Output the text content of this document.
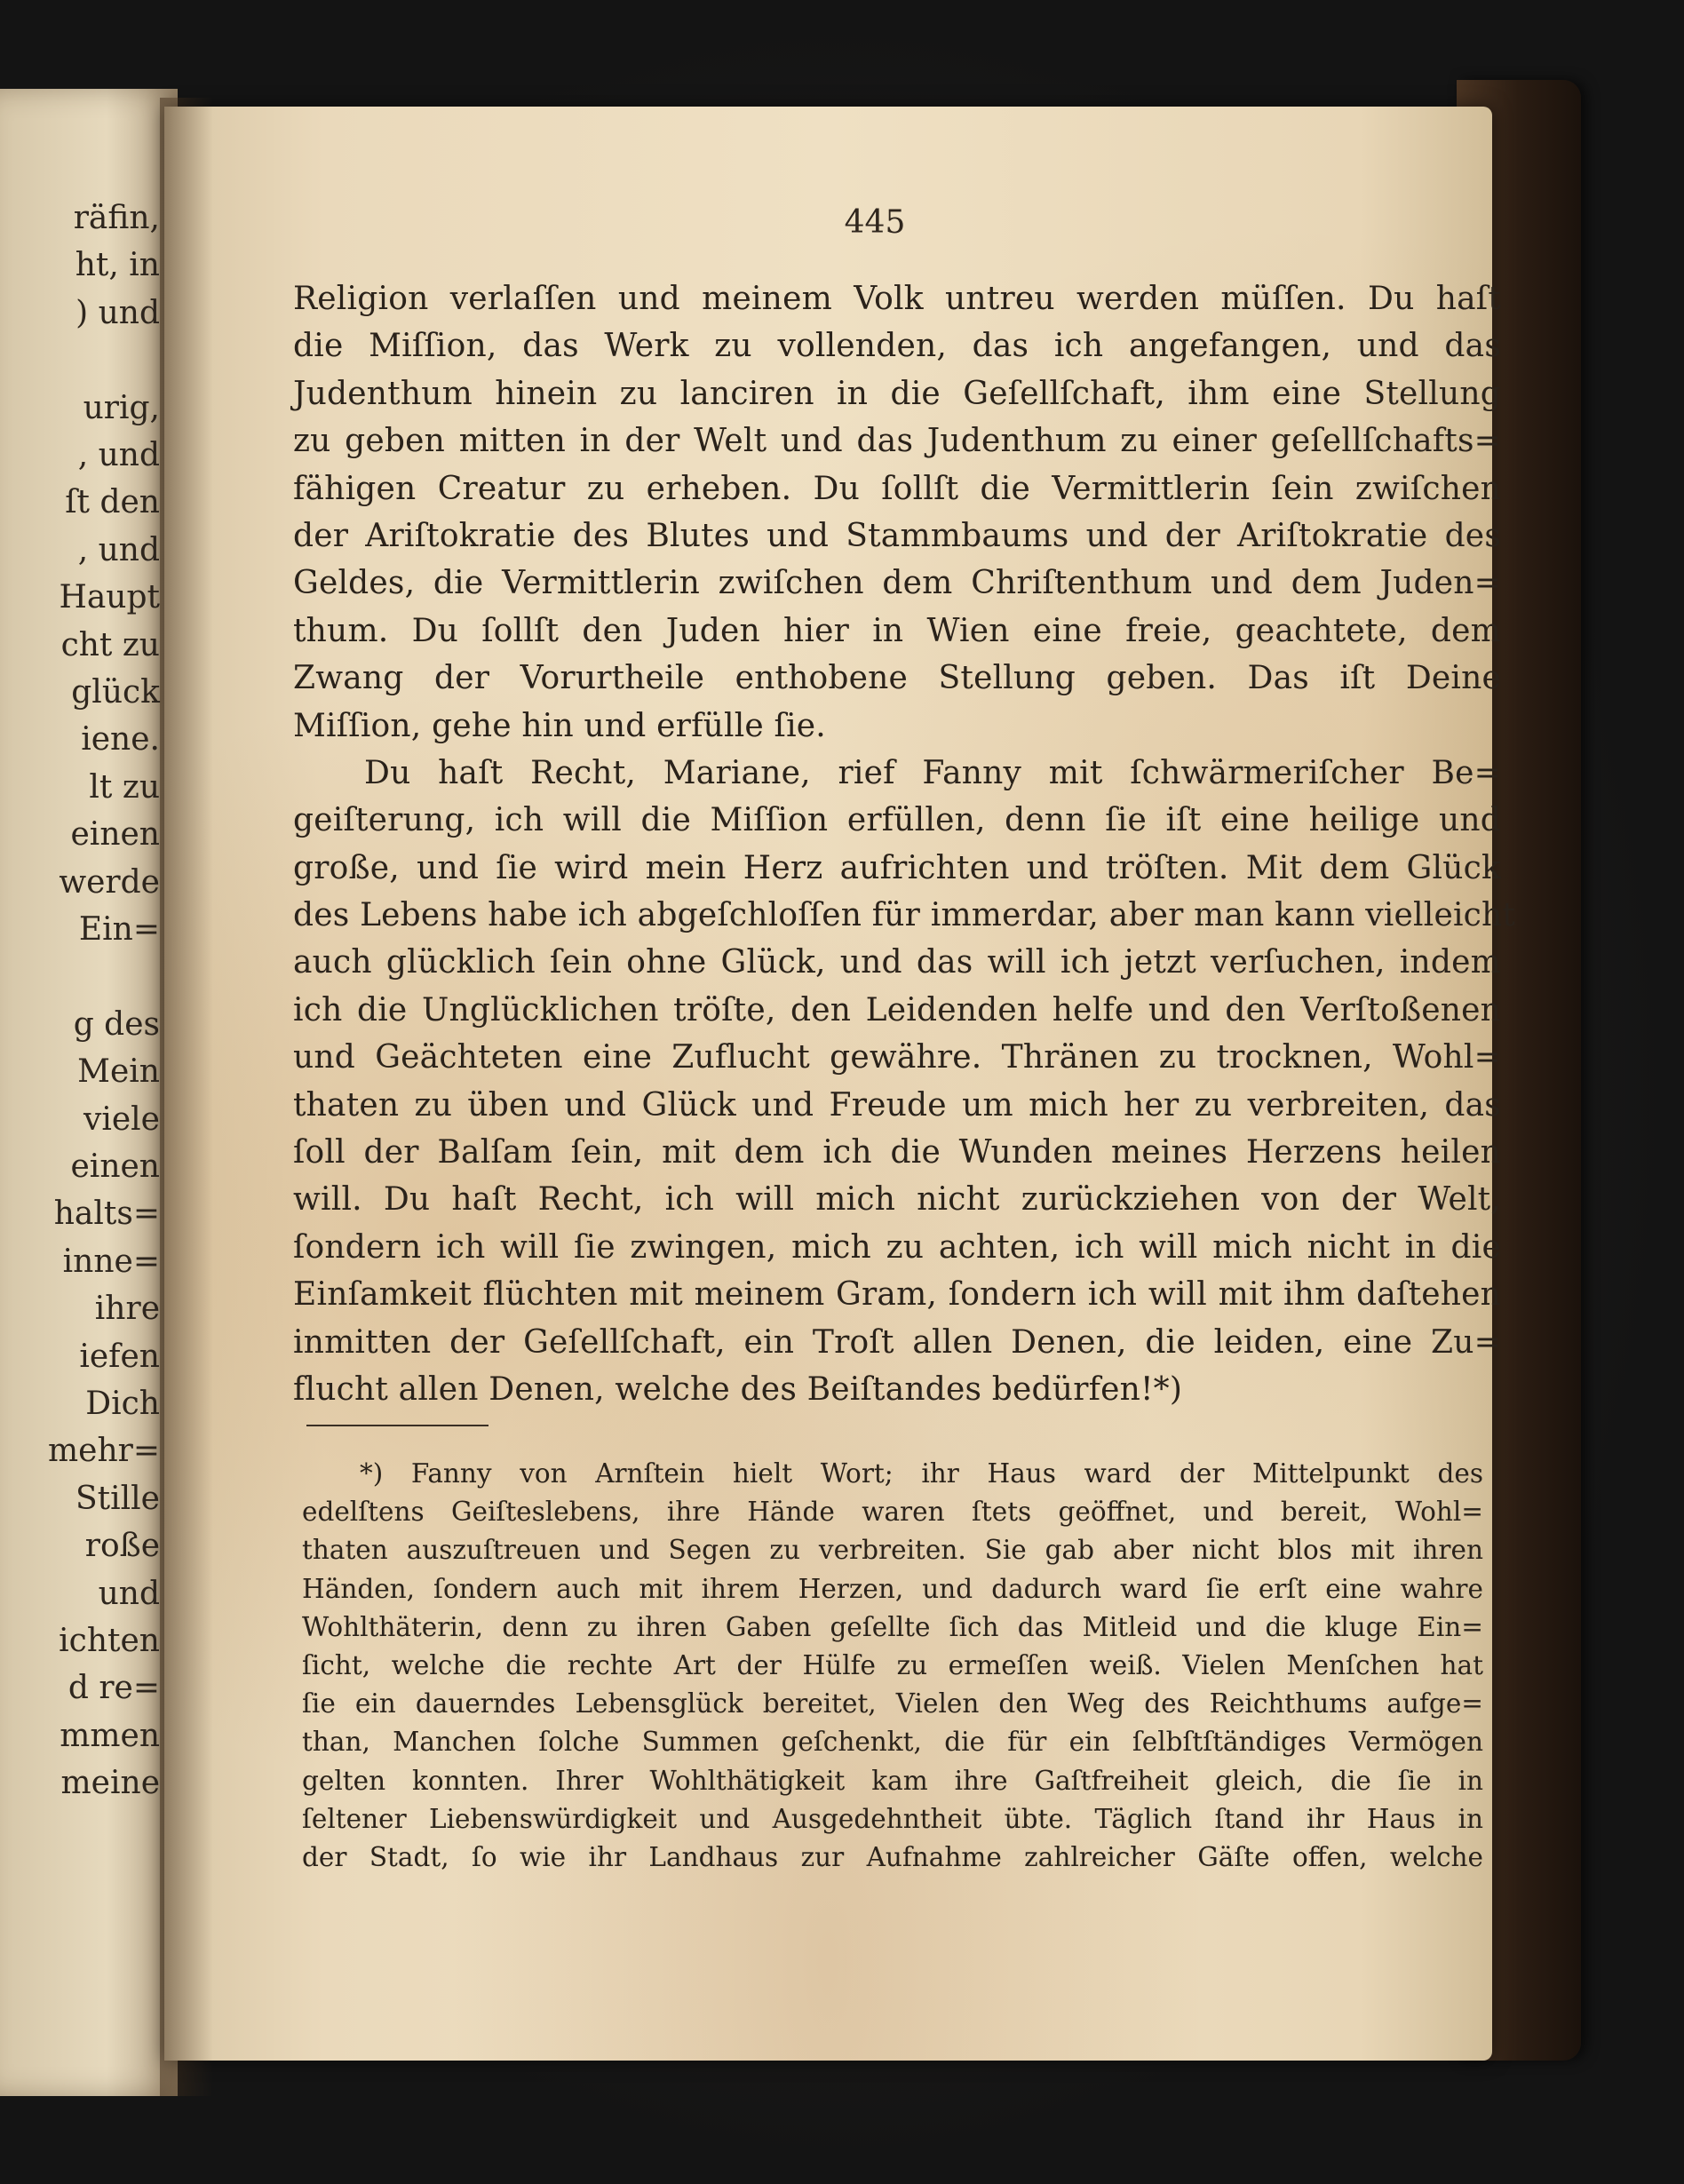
räfin,
ht, in
) und
urig,
, und
ſt den
, und
Haupt
cht zu
glück
iene.
lt zu
einen
werde
Ein=
g des
Mein
viele
einen
halts=
inne=
ihre
iefen
Dich
mehr=
Stille
roße
und
ichten
d re=
mmen
meine
445
Religion verlaſſen und meinem Volk untreu werden müſſen. Du haſt
die Miſſion, das Werk zu vollenden, das ich angefangen, und das
Judenthum hinein zu lanciren in die Geſellſchaft, ihm eine Stellung
zu geben mitten in der Welt und das Judenthum zu einer geſellſchafts=
fähigen Creatur zu erheben. Du ſollſt die Vermittlerin ſein zwiſchen
der Ariſtokratie des Blutes und Stammbaums und der Ariſtokratie des
Geldes, die Vermittlerin zwiſchen dem Chriſtenthum und dem Juden=
thum. Du ſollſt den Juden hier in Wien eine freie, geachtete, dem
Zwang der Vorurtheile enthobene Stellung geben. Das iſt Deine
Miſſion, gehe hin und erfülle ſie.
Du haſt Recht, Mariane, rief Fanny mit ſchwärmeriſcher Be=
geiſterung, ich will die Miſſion erfüllen, denn ſie iſt eine heilige und
große, und ſie wird mein Herz aufrichten und tröſten. Mit dem Glück
des Lebens habe ich abgeſchloſſen für immerdar, aber man kann vielleicht
auch glücklich ſein ohne Glück, und das will ich jetzt verſuchen, indem
ich die Unglücklichen tröſte, den Leidenden helfe und den Verſtoßenen
und Geächteten eine Zuflucht gewähre. Thränen zu trocknen, Wohl=
thaten zu üben und Glück und Freude um mich her zu verbreiten, das
ſoll der Balſam ſein, mit dem ich die Wunden meines Herzens heilen
will. Du haſt Recht, ich will mich nicht zurückziehen von der Welt,
ſondern ich will ſie zwingen, mich zu achten, ich will mich nicht in die
Einſamkeit flüchten mit meinem Gram, ſondern ich will mit ihm daſtehen
inmitten der Geſellſchaft, ein Troſt allen Denen, die leiden, eine Zu=
flucht allen Denen, welche des Beiſtandes bedürfen!*)
*) Fanny von Arnſtein hielt Wort; ihr Haus ward der Mittelpunkt des
edelſtens Geiſteslebens, ihre Hände waren ſtets geöffnet, und bereit, Wohl=
thaten auszuſtreuen und Segen zu verbreiten. Sie gab aber nicht blos mit ihren
Händen, ſondern auch mit ihrem Herzen, und dadurch ward ſie erſt eine wahre
Wohlthäterin, denn zu ihren Gaben geſellte ſich das Mitleid und die kluge Ein=
ſicht, welche die rechte Art der Hülfe zu ermeſſen weiß. Vielen Menſchen hat
ſie ein dauerndes Lebensglück bereitet, Vielen den Weg des Reichthums aufge=
than, Manchen ſolche Summen geſchenkt, die für ein ſelbſtſtändiges Vermögen
gelten konnten. Ihrer Wohlthätigkeit kam ihre Gaſtfreiheit gleich, die ſie in
ſeltener Liebenswürdigkeit und Ausgedehntheit übte. Täglich ſtand ihr Haus in
der Stadt, ſo wie ihr Landhaus zur Aufnahme zahlreicher Gäſte offen, welche
